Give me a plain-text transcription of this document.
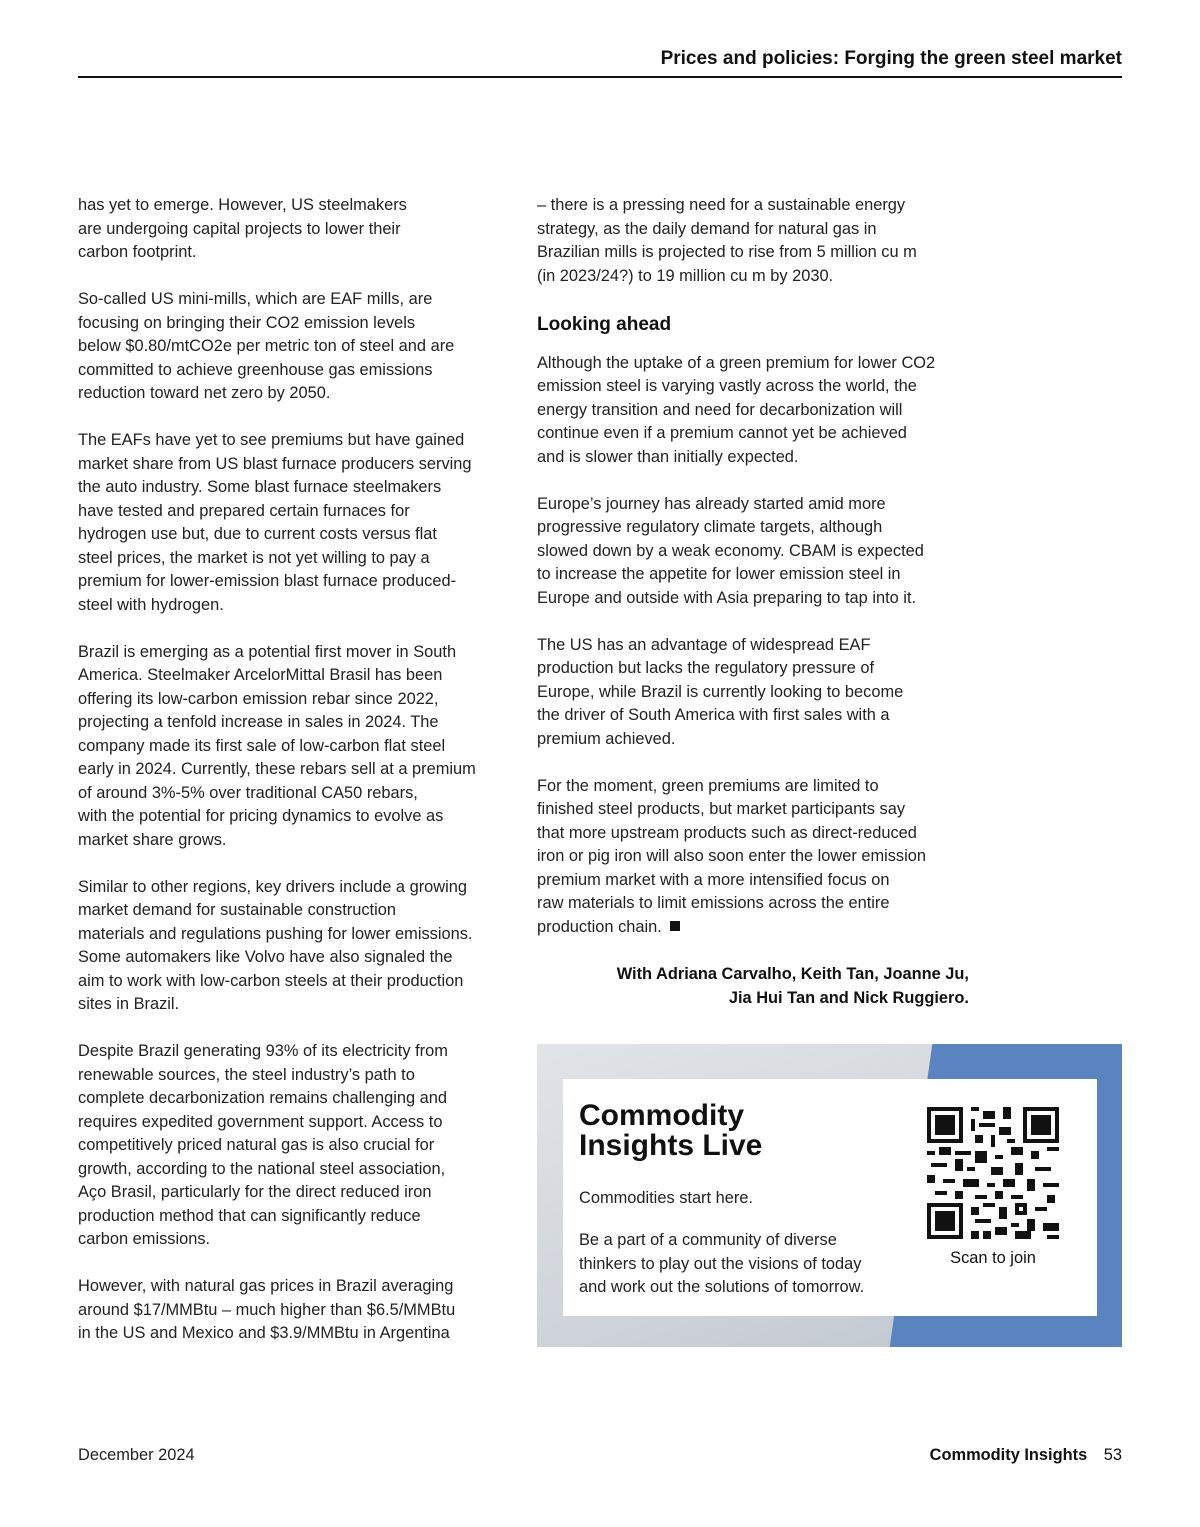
Prices and policies: Forging the green steel market

has yet to emerge. However, US steelmakers
are undergoing capital projects to lower their
carbon footprint.

So-called US mini-mills, which are EAF mills, are
focusing on bringing their CO2 emission levels
below $0.80/mtCO2e per metric ton of steel and are
committed to achieve greenhouse gas emissions
reduction toward net zero by 2050.

The EAFs have yet to see premiums but have gained
market share from US blast furnace producers serving
the auto industry. Some blast furnace steelmakers
have tested and prepared certain furnaces for
hydrogen use but, due to current costs versus flat
steel prices, the market is not yet willing to pay a
premium for lower-emission blast furnace produced-
steel with hydrogen.

Brazil is emerging as a potential first mover in South
America. Steelmaker ArcelorMittal Brasil has been
offering its low-carbon emission rebar since 2022,
projecting a tenfold increase in sales in 2024. The
company made its first sale of low-carbon flat steel
early in 2024. Currently, these rebars sell at a premium
of around 3%-5% over traditional CA50 rebars,
with the potential for pricing dynamics to evolve as
market share grows.

Similar to other regions, key drivers include a growing
market demand for sustainable construction
materials and regulations pushing for lower emissions.
Some automakers like Volvo have also signaled the
aim to work with low-carbon steels at their production
sites in Brazil.

Despite Brazil generating 93% of its electricity from
renewable sources, the steel industry’s path to
complete decarbonization remains challenging and
requires expedited government support. Access to
competitively priced natural gas is also crucial for
growth, according to the national steel association,
Aço Brasil, particularly for the direct reduced iron
production method that can significantly reduce
carbon emissions.

However, with natural gas prices in Brazil averaging
around $17/MMBtu – much higher than $6.5/MMBtu
in the US and Mexico and $3.9/MMBtu in Argentina

– there is a pressing need for a sustainable energy
strategy, as the daily demand for natural gas in
Brazilian mills is projected to rise from 5 million cu m
(in 2023/24?) to 19 million cu m by 2030.

Looking ahead

Although the uptake of a green premium for lower CO2
emission steel is varying vastly across the world, the
energy transition and need for decarbonization will
continue even if a premium cannot yet be achieved
and is slower than initially expected.

Europe’s journey has already started amid more
progressive regulatory climate targets, although
slowed down by a weak economy. CBAM is expected
to increase the appetite for lower emission steel in
Europe and outside with Asia preparing to tap into it.

The US has an advantage of widespread EAF
production but lacks the regulatory pressure of
Europe, while Brazil is currently looking to become
the driver of South America with first sales with a
premium achieved.

For the moment, green premiums are limited to
finished steel products, but market participants say
that more upstream products such as direct-reduced
iron or pig iron will also soon enter the lower emission
premium market with a more intensified focus on
raw materials to limit emissions across the entire
production chain.

With Adriana Carvalho, Keith Tan, Joanne Ju,
Jia Hui Tan and Nick Ruggiero.
Commodity
Insights Live
Commodities start here.
Be a part of a community of diverse
thinkers to play out the visions of today
and work out the solutions of tomorrow.
Scan to join
December 2024	Commodity Insights 53
